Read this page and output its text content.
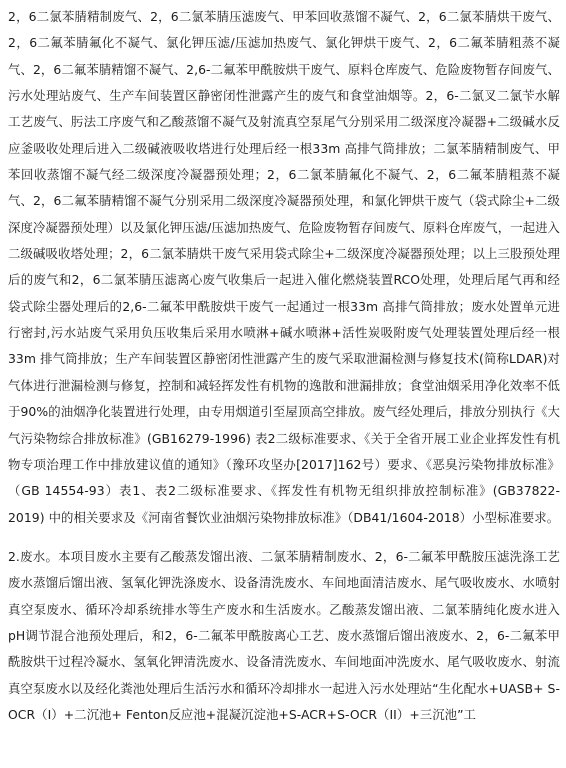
2，6二氯苯腈精制废气、2，6二氯苯腈压滤废气、甲苯回收蒸馏不凝气、2，6二氯苯腈烘干废气、2，6二氟苯腈氟化不凝气、氯化钾压滤/压滤加热废气、氯化钾烘干废气、2，6二氟苯腈粗蒸不凝气、2，6二氟苯腈精馏不凝气、2,6-二氟苯甲酰胺烘干废气、原料仓库废气、危险废物暂存间废气、污水处理站废气、生产车间装置区静密闭性泄露产生的废气和食堂油烟等。2，6-二氯叉二氯苄水解工艺废气、肟法工序废气和乙酸蒸馏不凝气及射流真空泵尾气分别采用二级深度冷凝器+二级碱水反应釜吸收处理后进入二级碱液吸收塔进行处理后经一根33m 高排气筒排放；二氯苯腈精制废气、甲苯回收蒸馏不凝气经二级深度冷凝器预处理；2，6二氯苯腈氟化不凝气、2，6二氟苯腈粗蒸不凝气、2，6二氟苯腈精馏不凝气分别采用二级深度冷凝器预处理，和氯化钾烘干废气（袋式除尘+二级深度冷凝器预处理）以及氯化钾压滤/压滤加热废气、危险废物暂存间废气、原料仓库废气，一起进入二级碱吸收塔处理；2，6二氯苯腈烘干废气采用袋式除尘+二级深度冷凝器预处理；以上三股预处理后的废气和2，6二氯苯腈压滤离心废气收集后一起进入催化燃烧装置RCO处理，处理后尾气再和经袋式除尘器处理后的2,6-二氟苯甲酰胺烘干废气一起通过一根33m 高排气筒排放；废水处置单元进行密封,污水站废气采用负压收集后采用水喷淋+碱水喷淋+活性炭吸附废气处理装置处理后经一根33m 排气筒排放；生产车间装置区静密闭性泄露产生的废气采取泄漏检测与修复技术(简称LDAR)对气体进行泄漏检测与修复，控制和减轻挥发性有机物的逸散和泄漏排放；食堂油烟采用净化效率不低于90%的油烟净化装置进行处理，由专用烟道引至屋顶高空排放。废气经处理后，排放分别执行《大气污染物综合排放标准》(GB16279-1996) 表2二级标准要求、《关于全省开展工业企业挥发性有机物专项治理工作中排放建议值的通知》（豫环攻坚办[2017]162号）要求、《恶臭污染物排放标准》（GB 14554-93）表1、表2二级标准要求、《挥发性有机物无组织排放控制标准》(GB37822-2019) 中的相关要求及《河南省餐饮业油烟污染物排放标准》（DB41/1604-2018）小型标准要求。

2.废水。本项目废水主要有乙酸蒸发馏出液、二氯苯腈精制废水、2，6-二氟苯甲酰胺压滤洗涤工艺废水蒸馏后馏出液、氢氧化钾洗涤废水、设备清洗废水、车间地面清洁废水、尾气吸收废水、水喷射真空泵废水、循环冷却系统排水等生产废水和生活废水。乙酸蒸发馏出液、二氯苯腈纯化废水进入pH调节混合池预处理后，和2，6-二氟苯甲酰胺离心工艺、废水蒸馏后馏出液废水、2，6-二氟苯甲酰胺烘干过程冷凝水、氢氧化钾清洗废水、设备清洗废水、车间地面冲洗废水、尾气吸收废水、射流真空泵废水以及经化粪池处理后生活污水和循环冷却排水一起进入污水处理站“生化配水+UASB+ S-OCR（I）+二沉池+ Fenton反应池+混凝沉淀池+S-ACR+S-OCR（II）+三沉池”工
